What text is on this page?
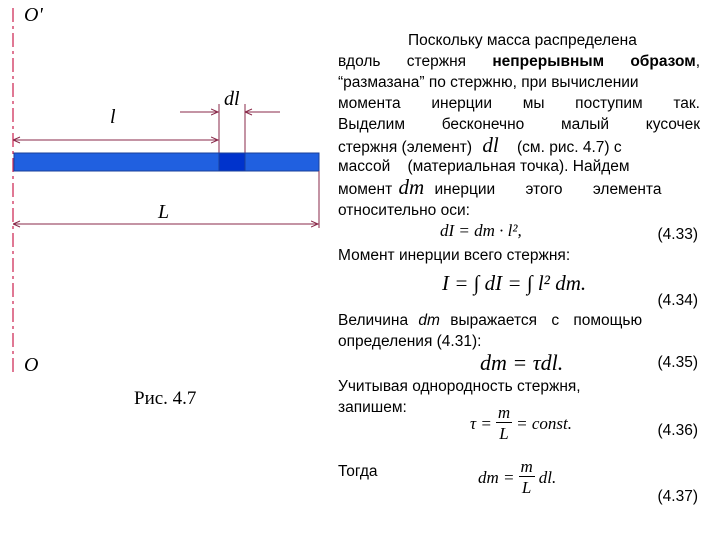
O'
l
dl
L
O
Рис. 4.7
Поскольку масса распределена
вдоль стержня непрерывным образом,
“размазана” по стержню, при вычислении
момента инерции мы поступим так.
Выделим бесконечно малый кусочек
стержня (элемент) dl (см. рис. 4.7) с
массой    (материальная точка). Найдем
момент dm инерции этого элемента
относительно оси:
dI = dm · l²,	(4.33)
Момент инерции всего стержня:
I = ∫ dI = ∫ l² dm.
(4.34)
Величина dm выражается с помощью
определения (4.31):
dm = τdl.	(4.35)
Учитывая однородность стержня,
запишем:
$\tau = \frac{m}{L}$ = const.	(4.36)
Тогда	dm = $\frac{m}{L}$ dl.
(4.37)
